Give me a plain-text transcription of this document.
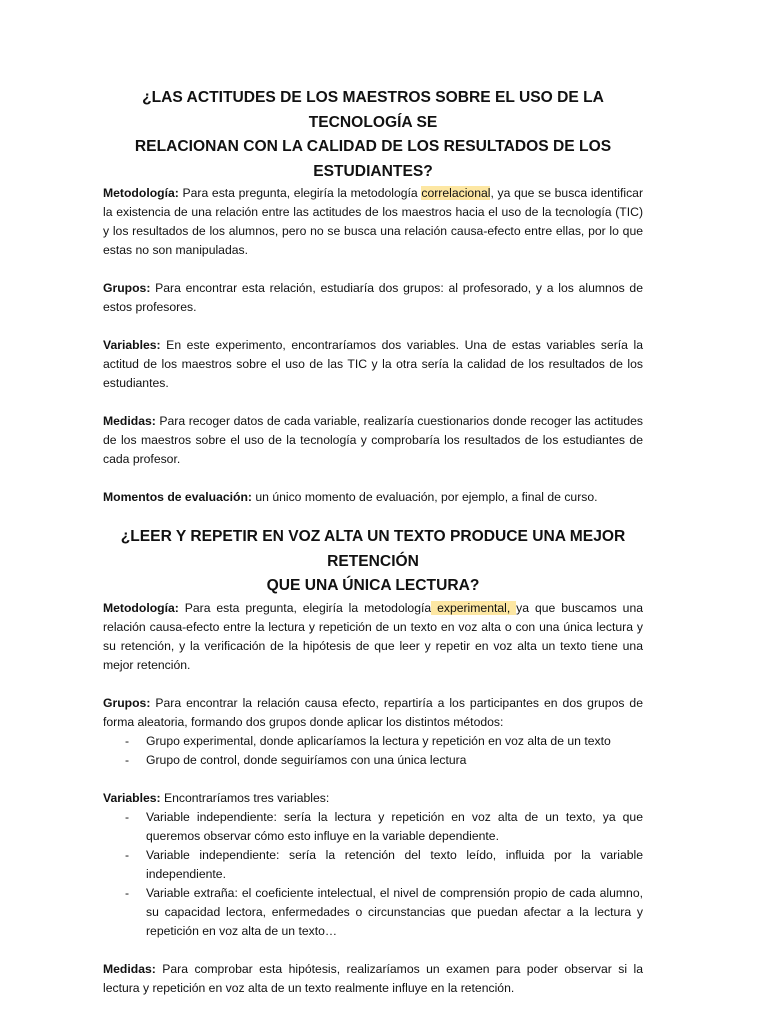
¿LAS ACTITUDES DE LOS MAESTROS SOBRE EL USO DE LA TECNOLOGÍA SE
RELACIONAN CON LA CALIDAD DE LOS RESULTADOS DE LOS ESTUDIANTES?

Metodología: Para esta pregunta, elegiría la metodología correlacional, ya que se busca identificar la existencia de una relación entre las actitudes de los maestros hacia el uso de la tecnología (TIC) y los resultados de los alumnos, pero no se busca una relación causa-efecto entre ellas, por lo que estas no son manipuladas.

Grupos: Para encontrar esta relación, estudiaría dos grupos: al profesorado, y a los alumnos de estos profesores.

Variables: En este experimento, encontraríamos dos variables. Una de estas variables sería la actitud de los maestros sobre el uso de las TIC y la otra sería la calidad de los resultados de los estudiantes.

Medidas: Para recoger datos de cada variable, realizaría cuestionarios donde recoger las actitudes de los maestros sobre el uso de la tecnología y comprobaría los resultados de los estudiantes de cada profesor.

Momentos de evaluación: un único momento de evaluación, por ejemplo, a final de curso.

¿LEER Y REPETIR EN VOZ ALTA UN TEXTO PRODUCE UNA MEJOR RETENCIÓN
QUE UNA ÚNICA LECTURA?

Metodología: Para esta pregunta, elegiría la metodología experimental, ya que buscamos una relación causa-efecto entre la lectura y repetición de un texto en voz alta o con una única lectura y su retención, y la verificación de la hipótesis de que leer y repetir en voz alta un texto tiene una mejor retención.

Grupos: Para encontrar la relación causa efecto, repartiría a los participantes en dos grupos de forma aleatoria, formando dos grupos donde aplicar los distintos métodos:

- Grupo experimental, donde aplicaríamos la lectura y repetición en voz alta de un texto
- Grupo de control, donde seguiríamos con una única lectura

Variables: Encontraríamos tres variables:

- Variable independiente: sería la lectura y repetición en voz alta de un texto, ya que queremos observar cómo esto influye en la variable dependiente.
- Variable independiente: sería la retención del texto leído, influida por la variable independiente.
- Variable extraña: el coeficiente intelectual, el nivel de comprensión propio de cada alumno, su capacidad lectora, enfermedades o circunstancias que puedan afectar a la lectura y repetición en voz alta de un texto…

Medidas: Para comprobar esta hipótesis, realizaríamos un examen para poder observar si la lectura y repetición en voz alta de un texto realmente influye en la retención.
